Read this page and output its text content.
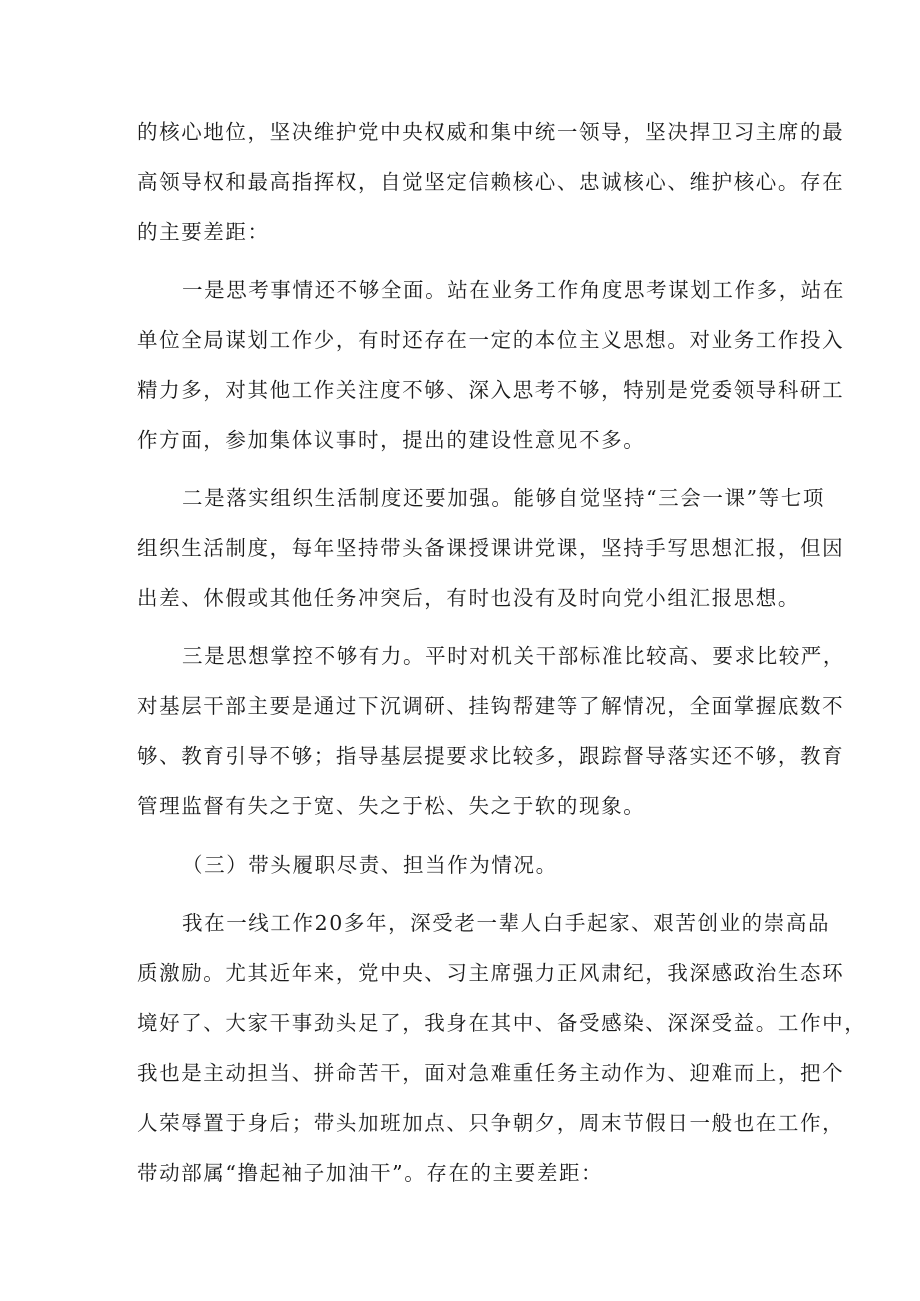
的核心地位，坚决维护党中央权威和集中统一领导，坚决捍卫习主席的最
高领导权和最高指挥权，自觉坚定信赖核心、忠诚核心、维护核心。存在
的主要差距：
一是思考事情还不够全面。站在业务工作角度思考谋划工作多，站在
单位全局谋划工作少，有时还存在一定的本位主义思想。对业务工作投入
精力多，对其他工作关注度不够、深入思考不够，特别是党委领导科研工
作方面，参加集体议事时，提出的建设性意见不多。
二是落实组织生活制度还要加强。能够自觉坚持“三会一课”等七项
组织生活制度，每年坚持带头备课授课讲党课，坚持手写思想汇报，但因
出差、休假或其他任务冲突后，有时也没有及时向党小组汇报思想。
三是思想掌控不够有力。平时对机关干部标准比较高、要求比较严，
对基层干部主要是通过下沉调研、挂钩帮建等了解情况，全面掌握底数不
够、教育引导不够；指导基层提要求比较多，跟踪督导落实还不够，教育
管理监督有失之于宽、失之于松、失之于软的现象。
（三）带头履职尽责、担当作为情况。
我在一线工作20多年，深受老一辈人白手起家、艰苦创业的崇高品
质激励。尤其近年来，党中央、习主席强力正风肃纪，我深感政治生态环
境好了、大家干事劲头足了，我身在其中、备受感染、深深受益。工作中，
我也是主动担当、拼命苦干，面对急难重任务主动作为、迎难而上，把个
人荣辱置于身后；带头加班加点、只争朝夕，周末节假日一般也在工作，
带动部属“撸起袖子加油干”。存在的主要差距：
